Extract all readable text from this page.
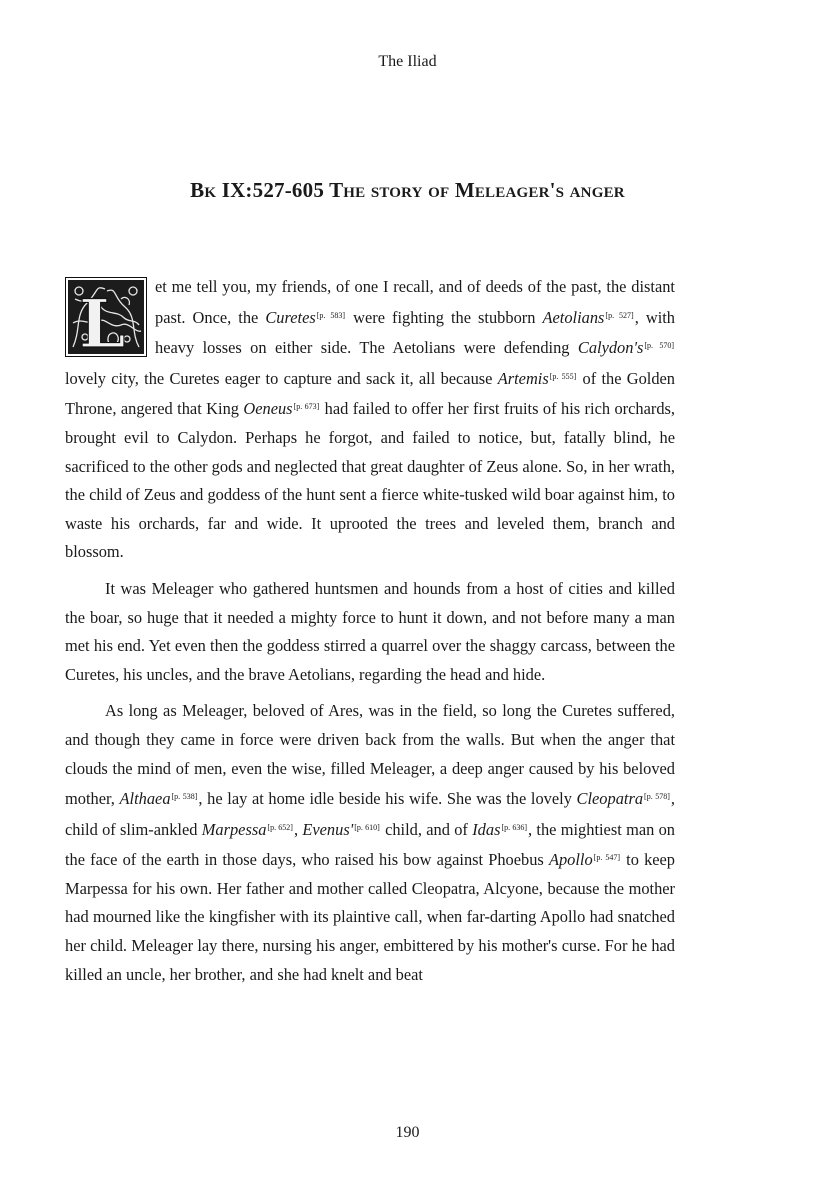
The Iliad
Bk IX:527-605 The story of Meleager's anger

L et me tell you, my friends, of one I recall, and of deeds of the past, the distant past. Once, the Curetes[p. 583] were fighting the stubborn Aetolians[p. 527], with heavy losses on either side. The Aetolians were defending Calydon's[p. 570] lovely city, the Curetes eager to capture and sack it, all because Artemis[p. 555] of the Golden Throne, angered that King Oeneus[p. 673] had failed to offer her first fruits of his rich orchards, brought evil to Calydon. Perhaps he forgot, and failed to notice, but, fatally blind, he sacrificed to the other gods and neglected that great daughter of Zeus alone. So, in her wrath, the child of Zeus and goddess of the hunt sent a fierce white-tusked wild boar against him, to waste his orchards, far and wide. It uprooted the trees and leveled them, branch and blossom.

It was Meleager who gathered huntsmen and hounds from a host of cities and killed the boar, so huge that it needed a mighty force to hunt it down, and not before many a man met his end. Yet even then the goddess stirred a quarrel over the shaggy carcass, between the Curetes, his uncles, and the brave Aetolians, regarding the head and hide.

As long as Meleager, beloved of Ares, was in the field, so long the Curetes suffered, and though they came in force were driven back from the walls. But when the anger that clouds the mind of men, even the wise, filled Meleager, a deep anger caused by his beloved mother, Althaea[p. 538], he lay at home idle beside his wife. She was the lovely Cleopatra[p. 578], child of slim-ankled Marpessa[p. 652], Evenus'[p. 610] child, and of Idas[p. 636], the mightiest man on the face of the earth in those days, who raised his bow against Phoebus Apollo[p. 547] to keep Marpessa for his own. Her father and mother called Cleopatra, Alcyone, because the mother had mourned like the kingfisher with its plaintive call, when far-darting Apollo had snatched her child. Meleager lay there, nursing his anger, embittered by his mother's curse. For he had killed an uncle, her brother, and she had knelt and beat

190
